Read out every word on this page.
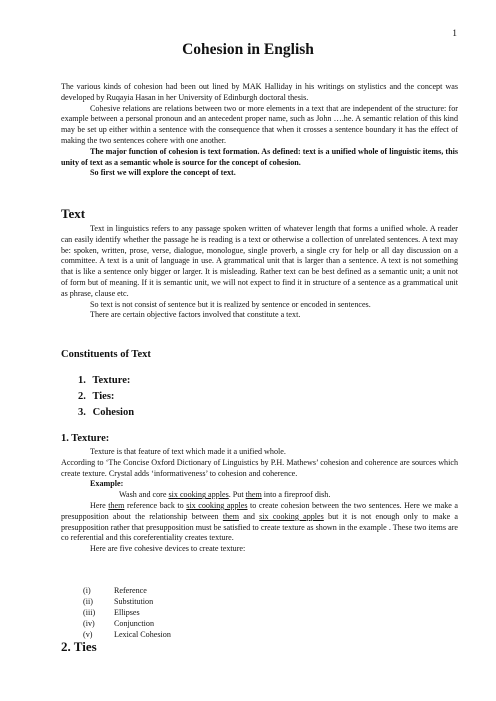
1
Cohesion in English

The various kinds of cohesion had been out lined by MAK Halliday in his writings on stylistics and the concept was developed by Ruqayia Hasan in her University of Edinburgh doctoral thesis.

Cohesive relations are relations between two or more elements in a text that are independent of the structure: for example between a personal pronoun and an antecedent proper name, such as John ….he. A semantic relation of this kind may be set up either within a sentence with the consequence that when it crosses a sentence boundary it has the effect of making the two sentences cohere with one another.

The major function of cohesion is text formation. As defined: text is a unified whole of linguistic items, this unity of text as a semantic whole is source for the concept of cohesion.

So first we will explore the concept of text.

Text

Text in linguistics refers to any passage spoken written of whatever length that forms a unified whole. A reader can easily identify whether the passage he is reading is a text or otherwise a collection of unrelated sentences. A text may be: spoken, written, prose, verse, dialogue, monologue, single proverb, a single cry for help or all day discussion on a committee. A text is a unit of language in use. A grammatical unit that is larger than a sentence. A text is not something that is like a sentence only bigger or larger. It is misleading. Rather text can be best defined as a semantic unit; a unit not of form but of meaning. If it is semantic unit, we will not expect to find it in structure of a sentence as a grammatical unit as phrase, clause etc.

So text is not consist of sentence but it is realized by sentence or encoded in sentences.

There are certain objective factors involved that constitute a text.

Constituents of Text
1. Texture:
2. Ties:
3. Cohesion
1. Texture:

Texture is that feature of text which made it a unified whole.

According to ‘The Concise Oxford Dictionary of Linguistics by P.H. Mathews’ cohesion and coherence are sources which create texture. Crystal adds ‘informativeness’ to cohesion and coherence.

Example:

Wash and core six cooking apples. Put them into a fireproof dish.

Here them reference back to six cooking apples to create cohesion between the two sentences. Here we make a presupposition about the relationship between them and six cooking apples but it is not enough only to make a presupposition rather that presupposition must be satisfied to create texture as shown in the example . These two items are co referential and this coreferentiality creates texture.

Here are five cohesive devices to create texture:

(i)	Reference
(ii)	Substitution
(iii) Ellipses
(iv) Conjunction
(v)	Lexical Cohesion
2. Ties
